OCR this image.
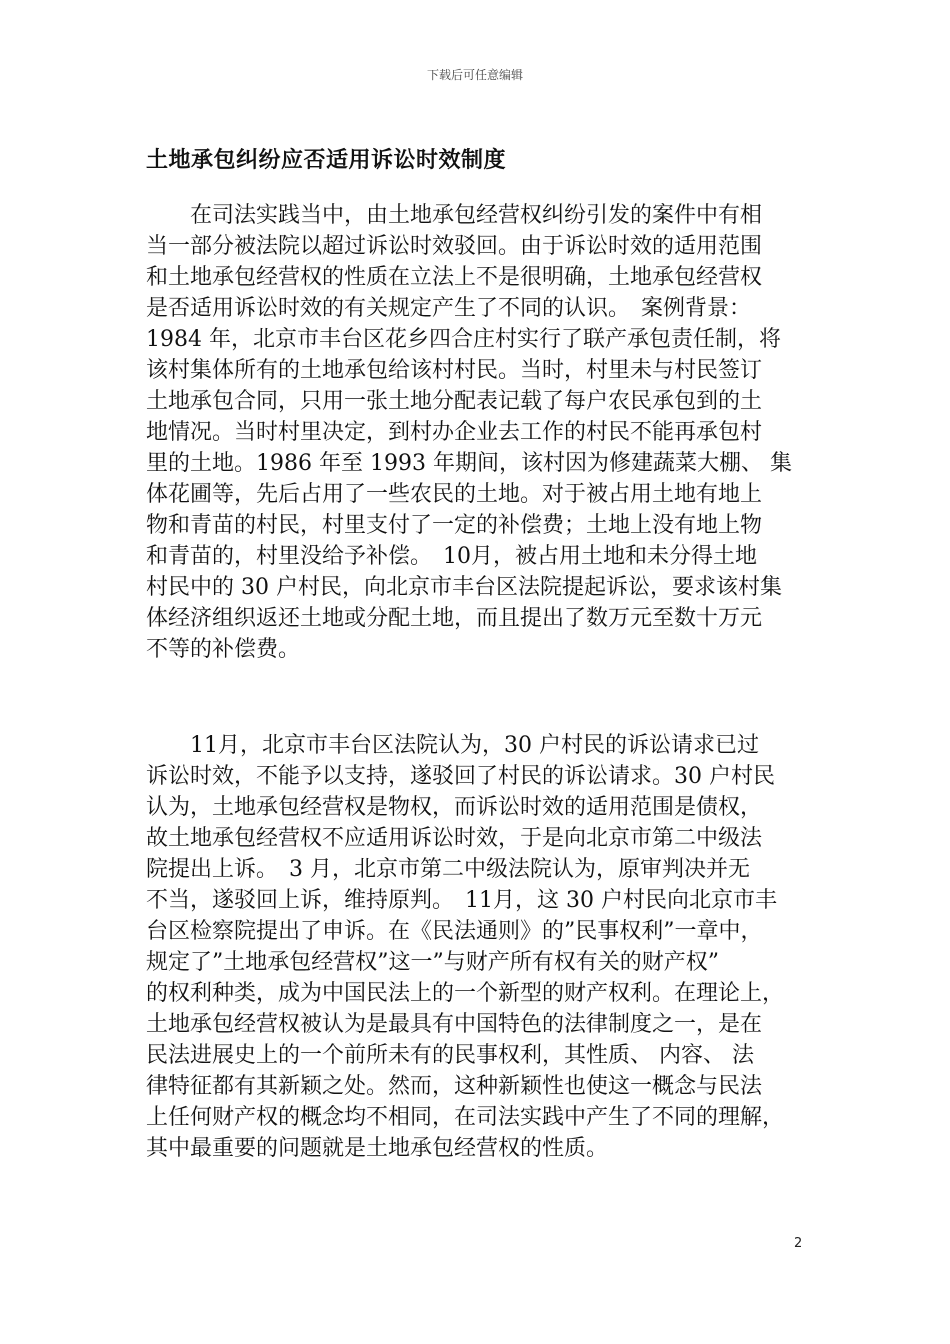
下载后可任意编辑
土地承包纠纷应否适用诉讼时效制度
　　在司法实践当中，由土地承包经营权纠纷引发的案件中有相
当一部分被法院以超过诉讼时效驳回。由于诉讼时效的适用范围
和土地承包经营权的性质在立法上不是很明确，土地承包经营权
是否适用诉讼时效的有关规定产生了不同的认识。　案例背景：
1984 年，北京市丰台区花乡四合庄村实行了联产承包责任制，将
该村集体所有的土地承包给该村村民。当时，村里未与村民签订
土地承包合同，只用一张土地分配表记载了每户农民承包到的土
地情况。当时村里决定，到村办企业去工作的村民不能再承包村
里的土地。1986 年至 1993 年期间，该村因为修建蔬菜大棚、 集
体花圃等，先后占用了一些农民的土地。对于被占用土地有地上
物和青苗的村民，村里支付了一定的补偿费；土地上没有地上物
和青苗的，村里没给予补偿。　10月，被占用土地和未分得土地
村民中的 30 户村民，向北京市丰台区法院提起诉讼，要求该村集
体经济组织返还土地或分配土地，而且提出了数万元至数十万元
不等的补偿费。
　　11月，北京市丰台区法院认为，30 户村民的诉讼请求已过
诉讼时效，不能予以支持，遂驳回了村民的诉讼请求。30 户村民
认为，土地承包经营权是物权，而诉讼时效的适用范围是债权，
故土地承包经营权不应适用诉讼时效，于是向北京市第二中级法
院提出上诉。　3 月，北京市第二中级法院认为，原审判决并无
不当，遂驳回上诉，维持原判。　11月，这 30 户村民向北京市丰
台区检察院提出了申诉。在《民法通则》的”民事权利”一章中，
规定了”土地承包经营权”这一”与财产所有权有关的财产权”
的权利种类，成为中国民法上的一个新型的财产权利。在理论上，
土地承包经营权被认为是最具有中国特色的法律制度之一，是在
民法进展史上的一个前所未有的民事权利，其性质、 内容、 法
律特征都有其新颖之处。然而，这种新颖性也使这一概念与民法
上任何财产权的概念均不相同，在司法实践中产生了不同的理解，
其中最重要的问题就是土地承包经营权的性质。
2
